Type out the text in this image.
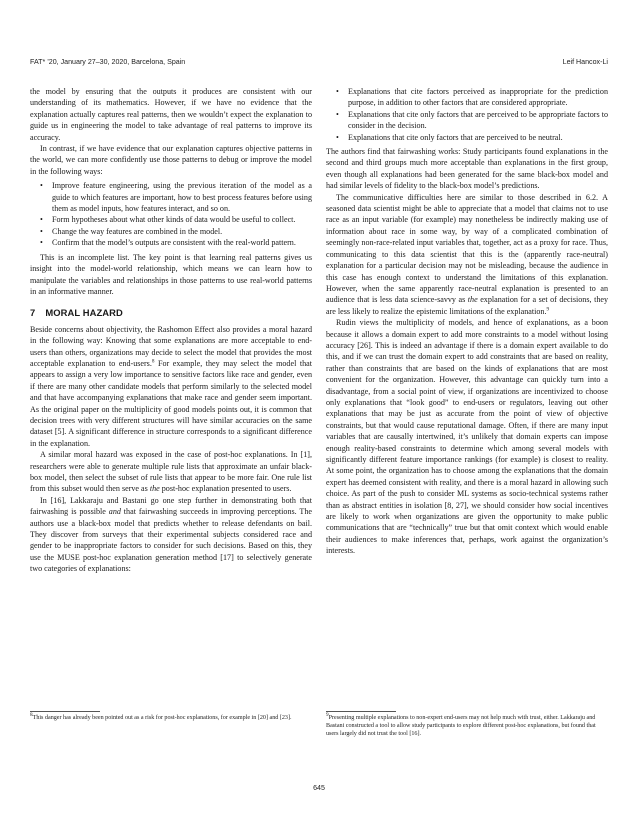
FAT* ’20, January 27–30, 2020, Barcelona, Spain	Leif Hancox-Li

the model by ensuring that the outputs it produces are consistent with our understanding of its mathematics. However, if we have no evidence that the explanation actually captures real patterns, then we wouldn’t expect the explanation to guide us in engineering the model to take advantage of real patterns to improve its accuracy.

In contrast, if we have evidence that our explanation captures objective patterns in the world, we can more confidently use those patterns to debug or improve the model in the following ways:

• Improve feature engineering, using the previous iteration of the model as a guide to which features are important, how to best process features before using them as model inputs, how features interact, and so on.
• Form hypotheses about what other kinds of data would be useful to collect.
• Change the way features are combined in the model.
• Confirm that the model’s outputs are consistent with the real-world pattern.

This is an incomplete list. The key point is that learning real patterns gives us insight into the model-world relationship, which means we can learn how to manipulate the variables and relationships in those patterns to use real-world patterns in an informative manner.

7 MORAL HAZARD

Beside concerns about objectivity, the Rashomon Effect also provides a moral hazard in the following way: Knowing that some explanations are more acceptable to end-users than others, organizations may decide to select the model that provides the most acceptable explanation to end-users.$^8$ For example, they may select the model that appears to assign a very low importance to sensitive factors like race and gender, even if there are many other candidate models that perform similarly to the selected model and that have accompanying explanations that make race and gender seem important. As the original paper on the multiplicity of good models points out, it is common that decision trees with very different structures will have similar accuracies on the same dataset [5]. A significant difference in structure corresponds to a significant difference in the explanation.

A similar moral hazard was exposed in the case of post-hoc explanations. In [1], researchers were able to generate multiple rule lists that approximate an unfair black-box model, then select the subset of rule lists that appear to be more fair. One rule list from this subset would then serve as the post-hoc explanation presented to users.

In [16], Lakkaraju and Bastani go one step further in demonstrating both that fairwashing is possible and that fairwashing succeeds in improving perceptions. The authors use a black-box model that predicts whether to release defendants on bail. They discover from surveys that their experimental subjects considered race and gender to be inappropriate factors to consider for such decisions. Based on this, they use the MUSE post-hoc explanation generation method [17] to selectively generate two categories of explanations:

$^8$This danger has already been pointed out as a risk for post-hoc explanations, for example in [20] and [23].
• Explanations that cite factors perceived as inappropriate for the prediction purpose, in addition to other factors that are considered appropriate.
• Explanations that cite only factors that are perceived to be appropriate factors to consider in the decision.
• Explanations that cite only factors that are perceived to be neutral.

The authors find that fairwashing works: Study participants found explanations in the second and third groups much more acceptable than explanations in the first group, even though all explanations had been generated for the same black-box model and had similar levels of fidelity to the black-box model’s predictions.

The communicative difficulties here are similar to those described in 6.2. A seasoned data scientist might be able to appreciate that a model that claims not to use race as an input variable (for example) may nonetheless be indirectly making use of information about race in some way, by way of a complicated combination of seemingly non-race-related input variables that, together, act as a proxy for race. Thus, communicating to this data scientist that this is the (apparently race-neutral) explanation for a particular decision may not be misleading, because the audience in this case has enough context to understand the limitations of this explanation. However, when the same apparently race-neutral explanation is presented to an audience that is less data science-savvy as the explanation for a set of decisions, they are less likely to realize the epistemic limitations of the explanation.$^9$

Rudin views the multiplicity of models, and hence of explanations, as a boon because it allows a domain expert to add more constraints to a model without losing accuracy [26]. This is indeed an advantage if there is a domain expert available to do this, and if we can trust the domain expert to add constraints that are based on reality, rather than constraints that are based on the kinds of explanations that are most convenient for the organization. However, this advantage can quickly turn into a disadvantage, from a social point of view, if organizations are incentivized to choose only explanations that “look good” to end-users or regulators, leaving out other explanations that may be just as accurate from the point of view of objective constraints, but that would cause reputational damage. Often, if there are many input variables that are causally intertwined, it’s unlikely that domain experts can impose enough reality-based constraints to determine which among several models with significantly different feature importance rankings (for example) is closest to reality. At some point, the organization has to choose among the explanations that the domain expert has deemed consistent with reality, and there is a moral hazard in allowing such choice. As part of the push to consider ML systems as socio-technical systems rather than as abstract entities in isolation [8, 27], we should consider how social incentives are likely to work when organizations are given the opportunity to make public communications that are “technically” true but that omit context which would enable their audiences to make inferences that, perhaps, work against the organization’s interests.

$^9$Presenting multiple explanations to non-expert end-users may not help much with trust, either. Lakkaraju and Bastani constructed a tool to allow study participants to explore different post-hoc explanations, but found that users largely did not trust the tool [16].
645
